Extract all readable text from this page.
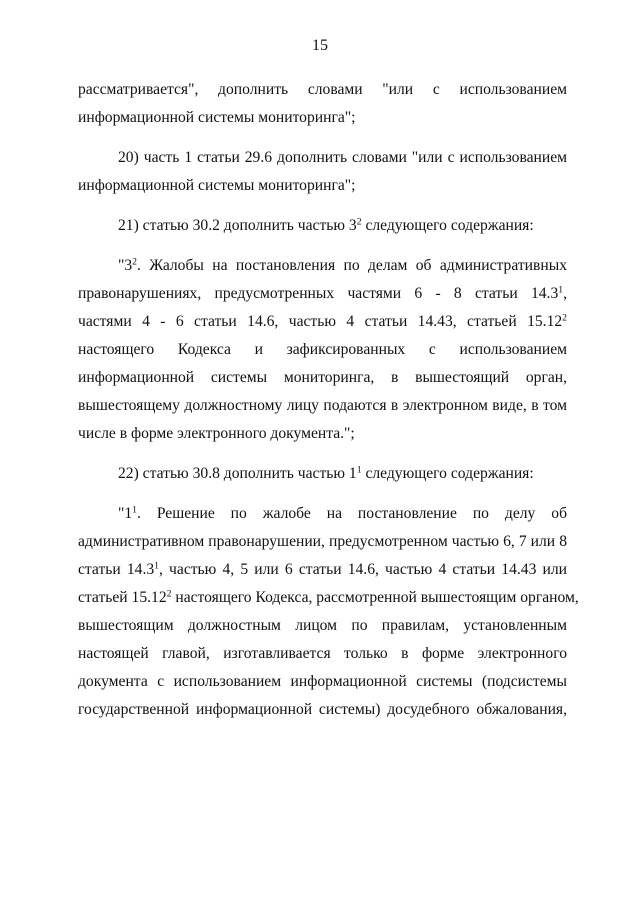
15
рассматривается", дополнить словами "или с использованием
информационной системы мониторинга";
20) часть 1 статьи 29.6 дополнить словами "или с использованием
информационной системы мониторинга";
21) статью 30.2 дополнить частью $3^2$ следующего содержания:
"$3^2$. Жалобы на постановления по делам об административных
правонарушениях, предусмотренных частями 6 - 8 статьи 14.3$^1$,
частями 4 - 6 статьи 14.6, частью 4 статьи 14.43, статьей 15.12$^2$
настоящего Кодекса и зафиксированных с использованием
информационной системы мониторинга, в вышестоящий орган,
вышестоящему должностному лицу подаются в электронном виде, в том
числе в форме электронного документа.";
22) статью 30.8 дополнить частью $1^1$ следующего содержания:
"$1^1$. Решение по жалобе на постановление по делу об
административном правонарушении, предусмотренном частью 6, 7 или 8
статьи 14.3$^1$, частью 4, 5 или 6 статьи 14.6, частью 4 статьи 14.43 или
статьей 15.12$^2$ настоящего Кодекса, рассмотренной вышестоящим органом,
вышестоящим должностным лицом по правилам, установленным
настоящей главой, изготавливается только в форме электронного
документа с использованием информационной системы (подсистемы
государственной информационной системы) досудебного обжалования,
